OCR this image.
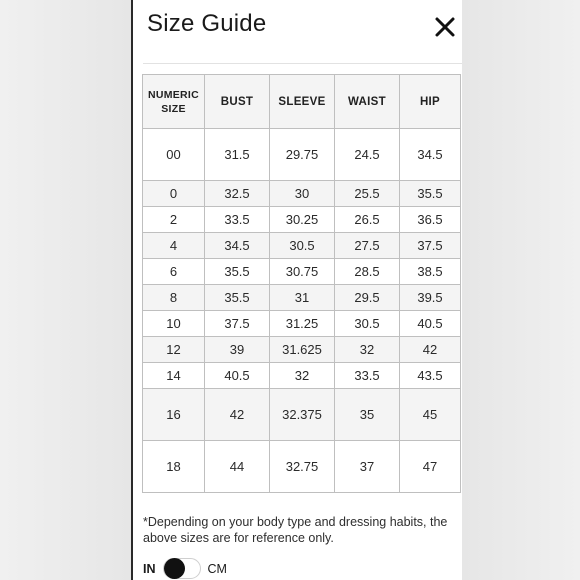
Size Guide
NUMERIC
SIZE	BUST	SLEEVE	WAIST	HIP
00	31.5	29.75	24.5	34.5
0	32.5	30	25.5	35.5
2	33.5	30.25	26.5	36.5
4	34.5	30.5	27.5	37.5
6	35.5	30.75	28.5	38.5
8	35.5	31	29.5	39.5
10	37.5	31.25	30.5	40.5
12	39	31.625	32	42
14	40.5	32	33.5	43.5
16	42	32.375	35	45
18	44	32.75	37	47

*Depending on your body type and dressing habits, the above sizes are for reference only.

IN	CM
